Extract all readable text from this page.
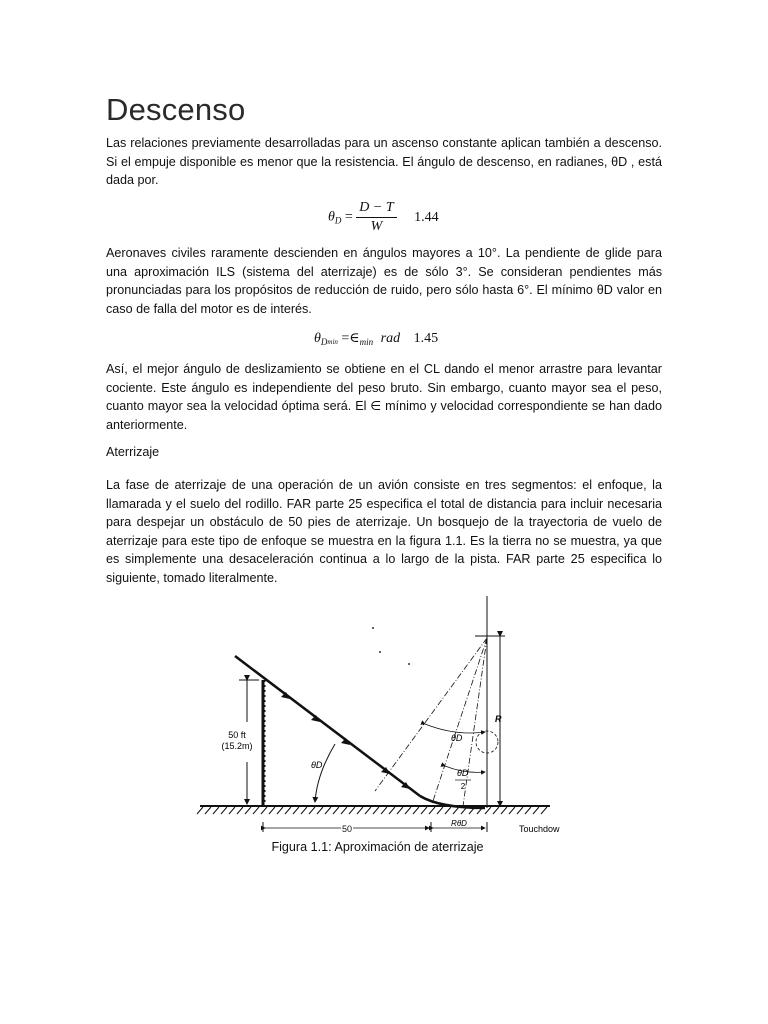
Descenso

Las relaciones previamente desarrolladas para un ascenso constante aplican también a descenso. Si el empuje disponible es menor que la resistencia. El ángulo de descenso, en radianes, θD , está dada por.

$\theta_D = \frac{D - T}{W} 1.44$

Aeronaves civiles raramente descienden en ángulos mayores a 10°. La pendiente de glide para una aproximación ILS (sistema del aterrizaje) es de sólo 3°. Se consideran pendientes más pronunciadas para los propósitos de reducción de ruido, pero sólo hasta 6°. El mínimo θD valor en caso de falla del motor es de interés.

$\theta_D\min$ $=\in_{min}$ rad 1.45

Así, el mejor ángulo de deslizamiento se obtiene en el CL dando el menor arrastre para levantar cociente. Este ángulo es independiente del peso bruto. Sin embargo, cuanto mayor sea el peso, cuanto mayor sea la velocidad óptima será. El ∈ mínimo y velocidad correspondiente se han dado anteriormente.

Aterrizaje

La fase de aterrizaje de una operación de un avión consiste en tres segmentos: el enfoque, la llamarada y el suelo del rodillo. FAR parte 25 especifica el total de distancia para incluir necesaria para despejar un obstáculo de 50 pies de aterrizaje. Un bosquejo de la trayectoria de vuelo de aterrizaje para este tipo de enfoque se muestra en la figura 1.1. Es la tierra no se muestra, ya que es simplemente una desaceleración continua a lo largo de la pista. FAR parte 25 especifica lo siguiente, tomado literalmente.

50 ft
(15.2m)
θD
R
θD
θD
2
50
RθD
Touchdown
Figura 1.1: Aproximación de aterrizaje
